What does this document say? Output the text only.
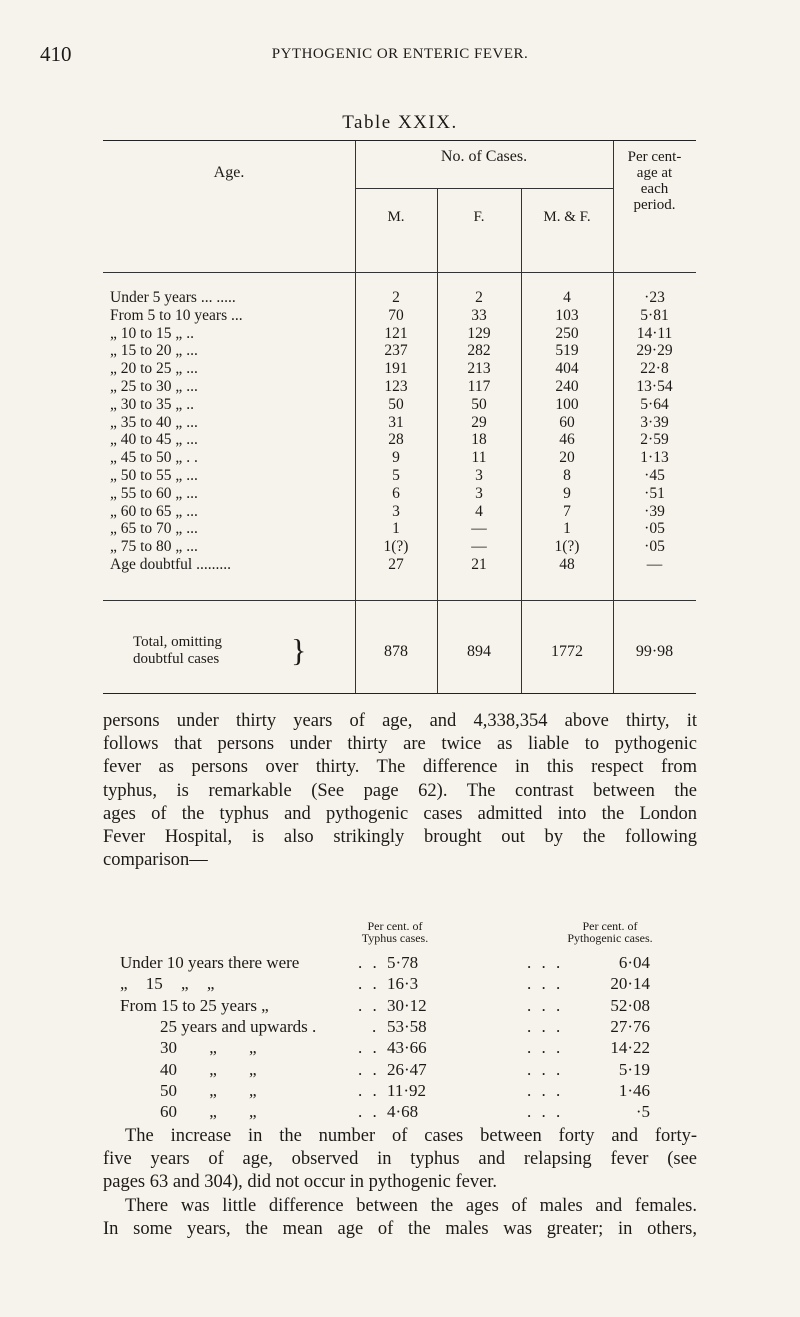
410	PYTHOGENIC OR ENTERIC FEVER.
Table XXIX.
Age.
No. of Cases.	Per cent-
age at
each
period.
M.	F.	M. & F.
Under 5 years ... .....	2	2	4	·23
From 5 to 10 years ...	70	33	103	5·81
„ 10 to 15 „ ..	121	129	250	14·11
„ 15 to 20 „ ...	237	282	519	29·29
„ 20 to 25 „ ...	191	213	404	22·8
„ 25 to 30 „ ...	123	117	240	13·54
„ 30 to 35 „ ..	50	50	100	5·64
„ 35 to 40 „ ...	31	29	60	3·39
„ 40 to 45 „ ...	28	18	46	2·59
„ 45 to 50 „ . .	9	11	20	1·13
„ 50 to 55 „ ...	5	3	8	·45
„ 55 to 60 „ ...	6	3	9	·51
„ 60 to 65 „ ...	3	4	7	·39
„ 65 to 70 „ ...	1	—	1	·05
„ 75 to 80 „ ...	1(?)	—	1(?)	·05
Age doubtful .........	27	21	48	—
Total, omitting
doubtful cases }	878	894	1772	99·98
persons under thirty years of age, and 4,338,354 above thirty, it
follows that persons under thirty are twice as liable to pythogenic
fever as persons over thirty. The difference in this respect from
typhus, is remarkable (See page 62). The contrast between the
ages of the typhus and pythogenic cases admitted into the London
Fever Hospital, is also strikingly brought out by the following
comparison—
Per cent. of
Typhus cases.
Per cent. of
Pythogenic cases.
Under 10 years there were	. . 5·78	. . .	6·04
„ 15 „ „	. . 16·3	. . .	20·14
From 15 to 25 years „	. . 30·12	. . .	52·08
25 years and upwards .	. 53·58	. . .	27·76
30 „ „	. . 43·66	. . .	14·22
40 „ „	. . 26·47	. . .	5·19
50 „ „	. . 11·92	. . .	1·46
60 „ „	. . 4·68	. . .	·5
The increase in the number of cases between forty and forty-
five years of age, observed in typhus and relapsing fever (see
pages 63 and 304), did not occur in pythogenic fever.
There was little difference between the ages of males and females.
In some years, the mean age of the males was greater; in others,
